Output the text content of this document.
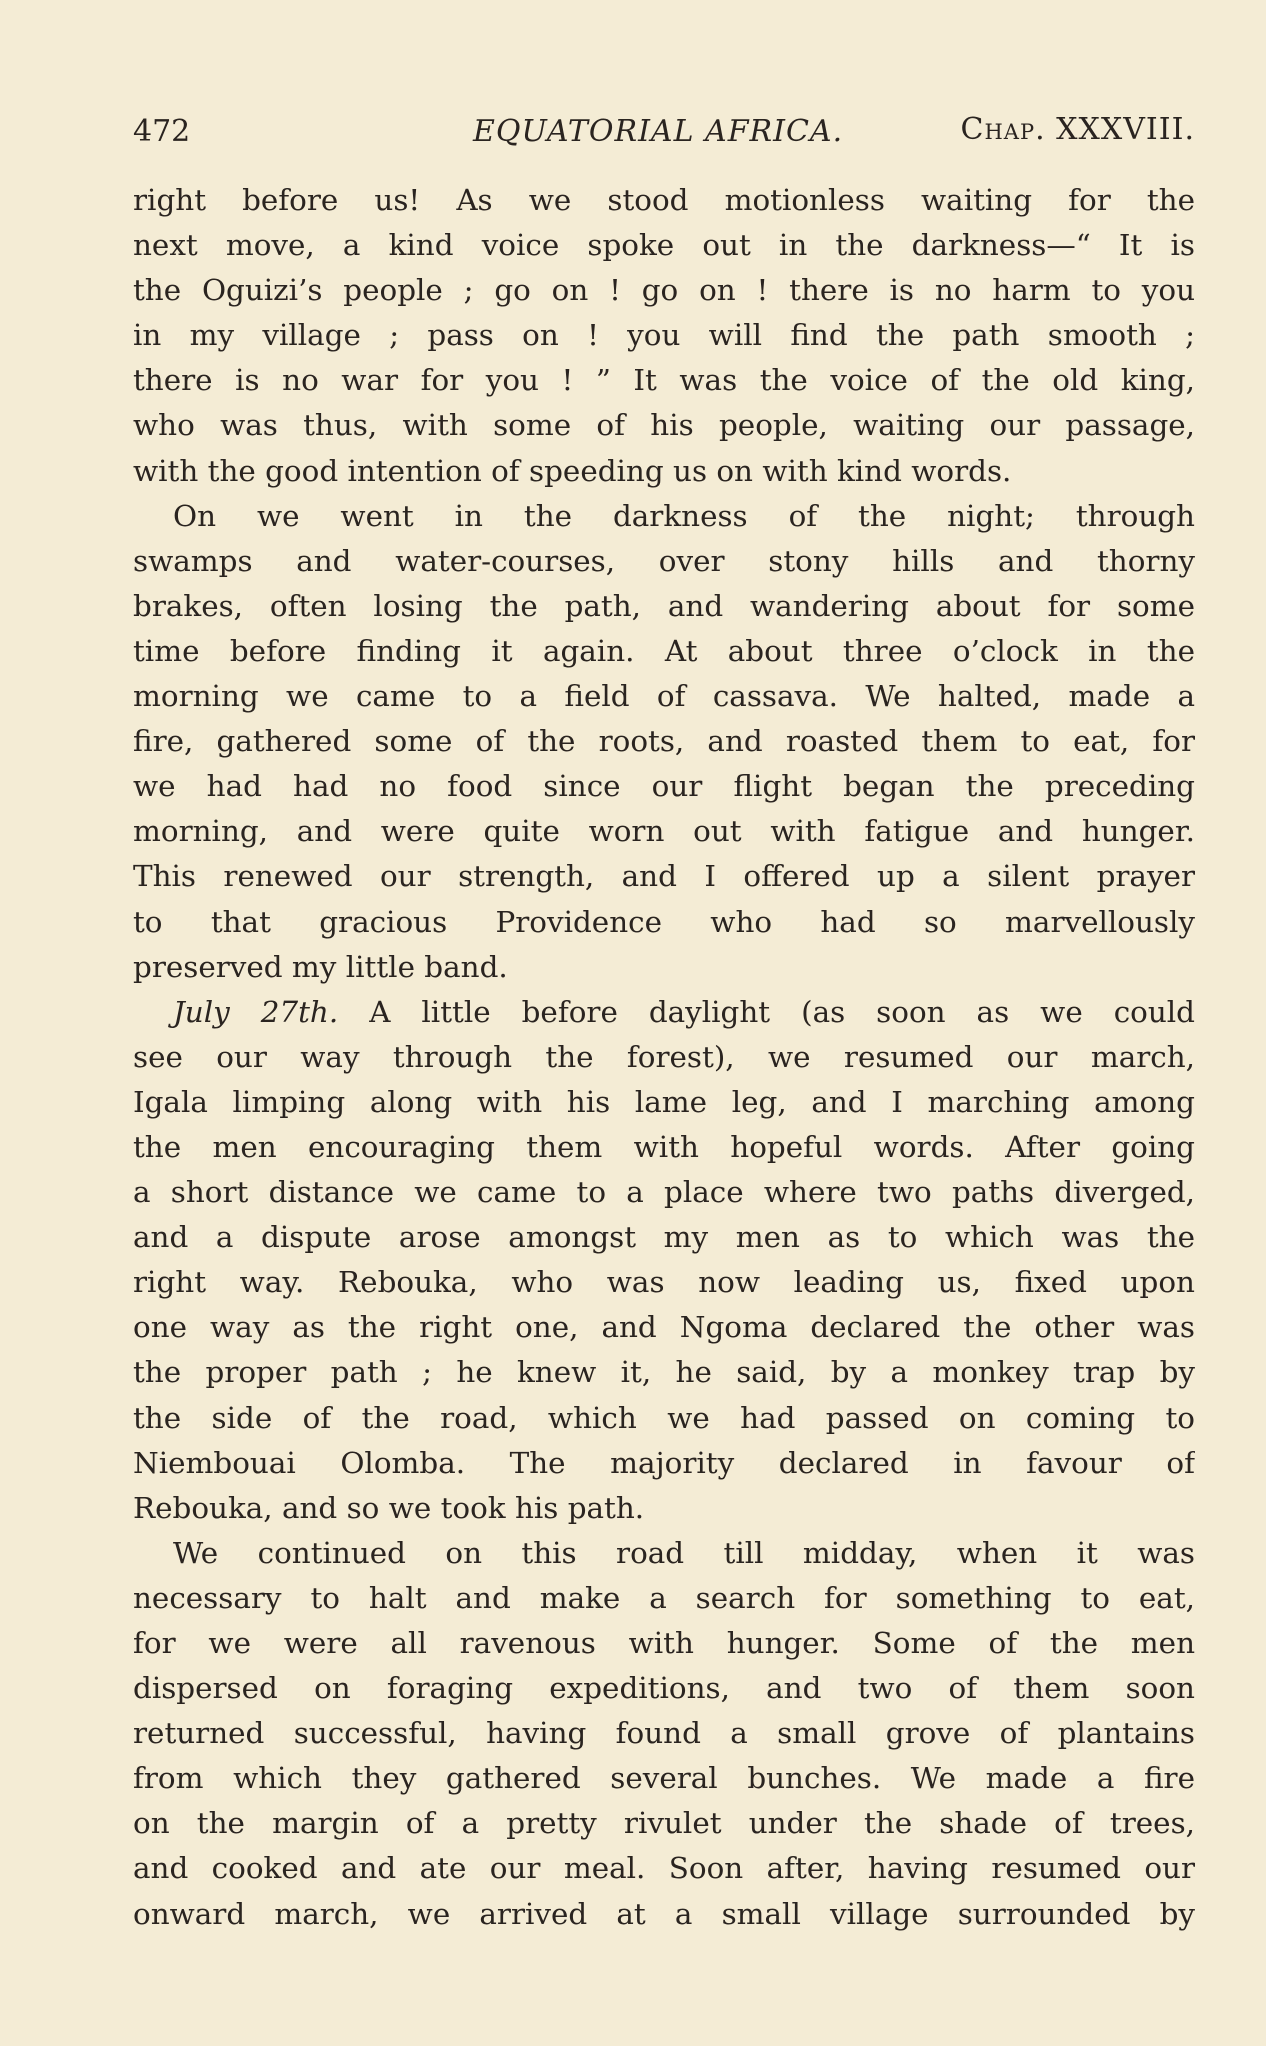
472	EQUATORIAL AFRICA.	Chap. XXXVIII.
right before us! As we stood motionless waiting for the
next move, a kind voice spoke out in the darkness—“ It is
the Oguizi’s people ; go on ! go on ! there is no harm to you
in my village ; pass on ! you will find the path smooth ;
there is no war for you ! ” It was the voice of the old king,
who was thus, with some of his people, waiting our passage,
with the good intention of speeding us on with kind words.
On we went in the darkness of the night; through
swamps and water-courses, over stony hills and thorny
brakes, often losing the path, and wandering about for some
time before finding it again. At about three o’clock in the
morning we came to a field of cassava. We halted, made a
fire, gathered some of the roots, and roasted them to eat, for
we had had no food since our flight began the preceding
morning, and were quite worn out with fatigue and hunger.
This renewed our strength, and I offered up a silent prayer
to that gracious Providence who had so marvellously
preserved my little band.
July 27th. A little before daylight (as soon as we could
see our way through the forest), we resumed our march,
Igala limping along with his lame leg, and I marching among
the men encouraging them with hopeful words. After going
a short distance we came to a place where two paths diverged,
and a dispute arose amongst my men as to which was the
right way. Rebouka, who was now leading us, fixed upon
one way as the right one, and Ngoma declared the other was
the proper path ; he knew it, he said, by a monkey trap by
the side of the road, which we had passed on coming to
Niembouai Olomba. The majority declared in favour of
Rebouka, and so we took his path.
We continued on this road till midday, when it was
necessary to halt and make a search for something to eat,
for we were all ravenous with hunger. Some of the men
dispersed on foraging expeditions, and two of them soon
returned successful, having found a small grove of plantains
from which they gathered several bunches. We made a fire
on the margin of a pretty rivulet under the shade of trees,
and cooked and ate our meal. Soon after, having resumed our
onward march, we arrived at a small village surrounded by
